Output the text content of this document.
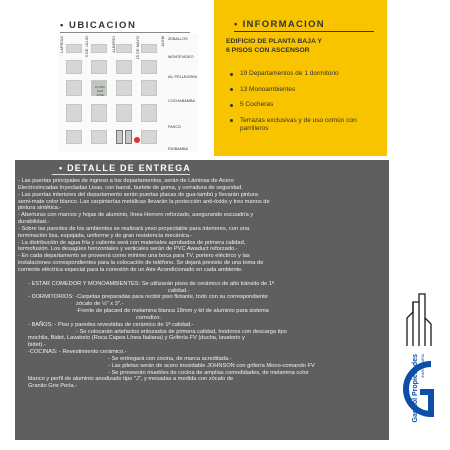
• UBICACION
LAPRIDA	9 DE JULIO	ALBERDI	25 DE MAYO	ALEM ZEBALLOS
MONTEVIDEO
AV. PELLEGRINI
COCHABAMBA
PASCO
RIOBAMBA
PLAZA SAN JOSE
• INFORMACION
EDIFICIO DE PLANTA BAJA Y
6 PISOS CON ASCENSOR
19 Departamentos de 1 dormitorio
13 Monoambientes
5 Cocheras
Terrazas exclusivas y de uso común con parrilleros
• DETALLE DE ENTREGA

- Las puertas principales de ingreso a los departamentos, serán de Láminas de Acero

Electrozincadas Inyectadas Lisas, con barral, burlete de goma, y cerradura de seguridad.

- Las puertas interiores del departamento serán puertas placas de gua-tambú y llevarán pintura

semi-mate color blanco. Las carpinterías metálicas llevarán la protección anti-óxido y tres manos de

pintura sintética.-

- Aberturas con marcos y hojas de aluminio, línea Herrero reforzado, asegurando escuadría y

durabilidad.-

- Sobre las paredes de los ambientes se realizará yeso proyectable para interiores, con una

terminación lisa, espejada, uniforme y de gran resistencia mecánica.-

- La distribución de agua fría y caliente será con materiales aprobados de primera calidad,

termofusión. Los desagües horizontales y verticales serán de PVC Awaduct reforzado.-

- En cada departamento se proveerá como mínimo una boca para TV, portero eléctrico y las

instalaciones correspondientes para la colocación de teléfono. Se dejará previsto de una toma de

corriente eléctrica especial para la conexión de un Aire Acondicionado en cada ambiente.

- ESTAR COMEDOR Y MONOAMBIENTES: Se utilizarán pisos de cerámico de alto tránsito de 1ª

calidad.-

- DORMITORIOS: -Carpetas preparadas para recibir piso flotante, todo con su correspondiente

zócalo de ½" x 3".-

-Frente de placard de melamina blanca 18mm y kit de aluminio para sistema

corredizo.

- BAÑOS: - Piso y paredes revestidas de cerámico de 1ª calidad.-

- Se colocarán artefactos enlozados de primera calidad, Inodoros con descarga tipo

mochila, Bidet, Lavatorio (Roca Capea Línea Italiana) y Grifería FV (ducha, lavatorio y

bidet).-

-COCINAS: - Revestimiento cerámico.-

- Se entregará con cocina, de marca acreditada.-

- Las piletas serán de acero inoxidable JOHNSON con grifería Mono-comando FV

- Se proveerán muebles de cocina de amplias comodidades, de melamina color

blanco y perfil de aluminio anodizado tipo "J", y mesadas a medida con zócalo de

Granito Gris Perla.-	Gardiol Propiedades INMOBILIARIA
